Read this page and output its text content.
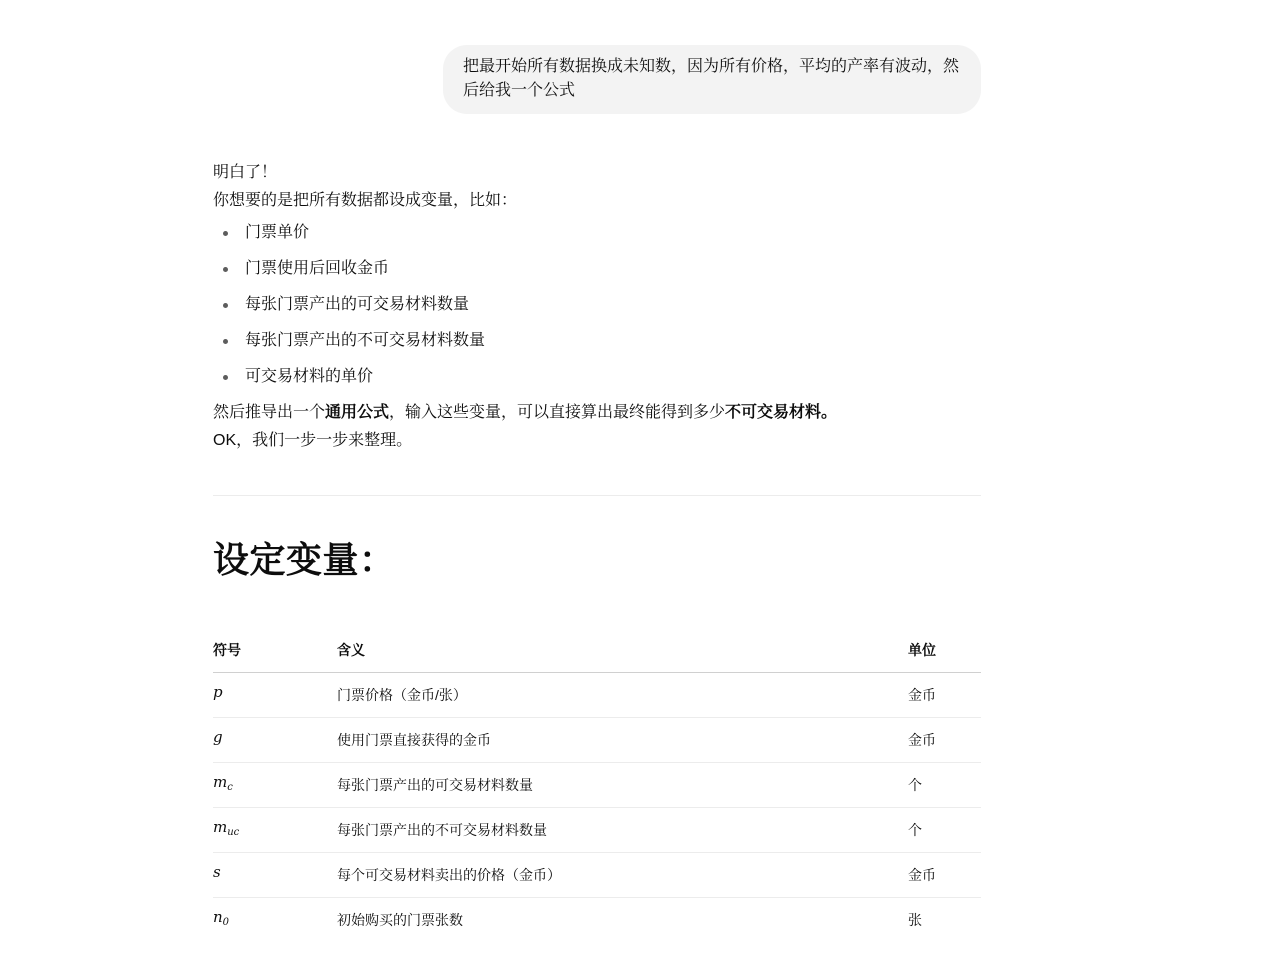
把最开始所有数据换成未知数，因为所有价格，平均的产率有波动，然后给我一个公式

明白了！

你想要的是把所有数据都设成变量，比如：

门票单价
门票使用后回收金币
每张门票产出的可交易材料数量
每张门票产出的不可交易材料数量
可交易材料的单价

然后推导出一个通用公式，输入这些变量，可以直接算出最终能得到多少不可交易材料。

OK，我们一步一步来整理。

设定变量：
符号	含义	单位
p	门票价格（金币/张）	金币
g	使用门票直接获得的金币	金币
$m_c$	每张门票产出的可交易材料数量	个
$m_{uc}$	每张门票产出的不可交易材料数量	个
s	每个可交易材料卖出的价格（金币）	金币
$n_0$	初始购买的门票张数	张
